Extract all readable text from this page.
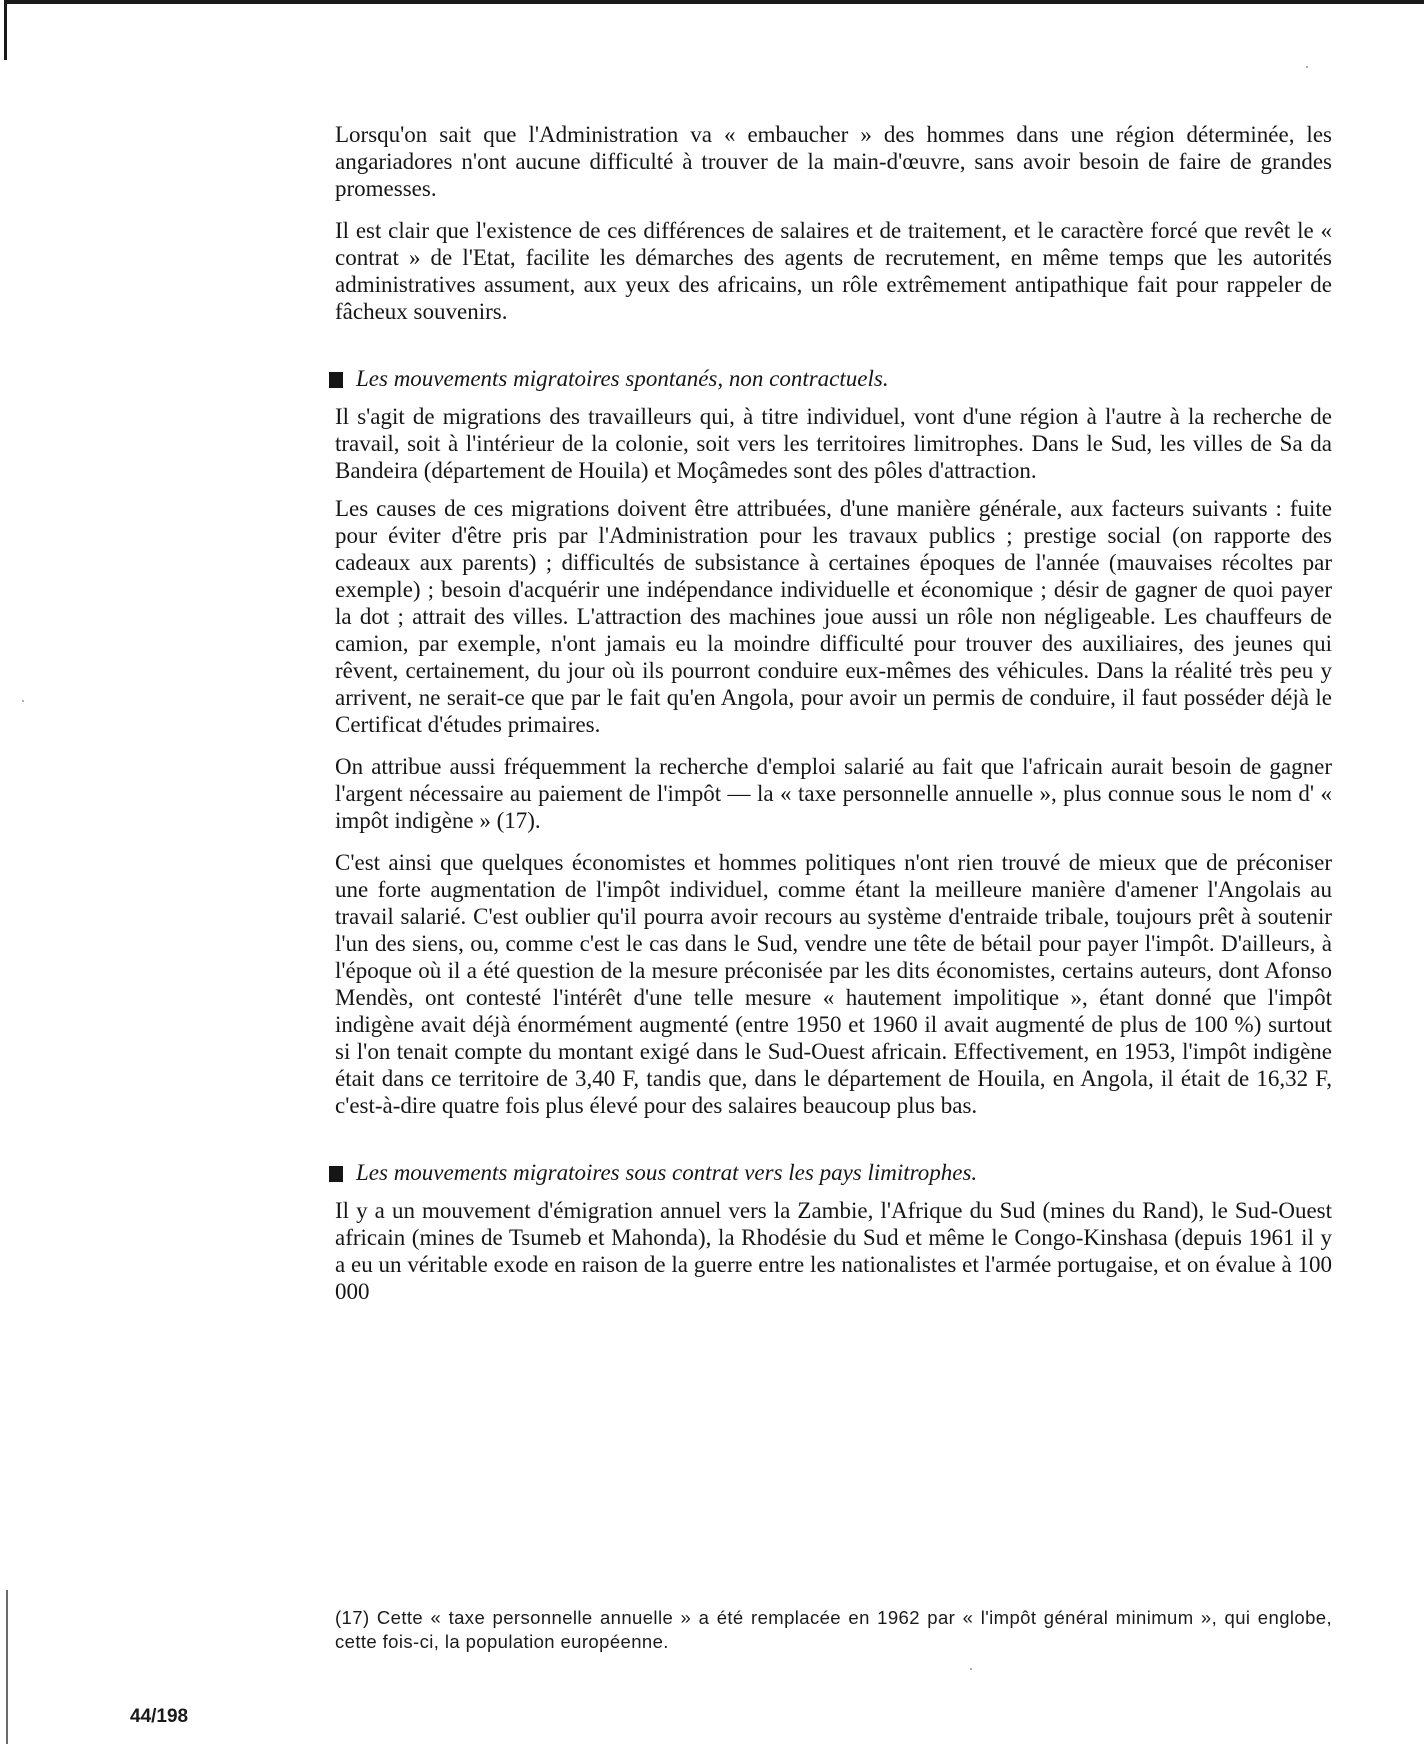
Lorsqu'on sait que l'Administration va « embaucher » des hommes dans une région déterminée, les angariadores n'ont aucune difficulté à trouver de la main-d'œuvre, sans avoir besoin de faire de grandes promesses.

Il est clair que l'existence de ces différences de salaires et de traitement, et le caractère forcé que revêt le « contrat » de l'Etat, facilite les démarches des agents de recrutement, en même temps que les autorités administratives assument, aux yeux des africains, un rôle extrêmement antipathique fait pour rappeler de fâcheux souvenirs.

Les mouvements migratoires spontanés, non contractuels.

Il s'agit de migrations des travailleurs qui, à titre individuel, vont d'une région à l'autre à la recherche de travail, soit à l'intérieur de la colonie, soit vers les territoires limitrophes. Dans le Sud, les villes de Sa da Bandeira (département de Houila) et Moçâmedes sont des pôles d'attraction.

Les causes de ces migrations doivent être attribuées, d'une manière générale, aux facteurs suivants : fuite pour éviter d'être pris par l'Administration pour les travaux publics ; prestige social (on rapporte des cadeaux aux parents) ; difficultés de subsistance à certaines époques de l'année (mauvaises récoltes par exemple) ; besoin d'acquérir une indépendance individuelle et économique ; désir de gagner de quoi payer la dot ; attrait des villes. L'attraction des machines joue aussi un rôle non négligeable. Les chauffeurs de camion, par exemple, n'ont jamais eu la moindre difficulté pour trouver des auxiliaires, des jeunes qui rêvent, certainement, du jour où ils pourront conduire eux-mêmes des véhicules. Dans la réalité très peu y arrivent, ne serait-ce que par le fait qu'en Angola, pour avoir un permis de conduire, il faut posséder déjà le Certificat d'études primaires.

On attribue aussi fréquemment la recherche d'emploi salarié au fait que l'africain aurait besoin de gagner l'argent nécessaire au paiement de l'impôt — la « taxe personnelle annuelle », plus connue sous le nom d' « impôt indigène » (17).

C'est ainsi que quelques économistes et hommes politiques n'ont rien trouvé de mieux que de préconiser une forte augmentation de l'impôt individuel, comme étant la meilleure manière d'amener l'Angolais au travail salarié. C'est oublier qu'il pourra avoir recours au système d'entraide tribale, toujours prêt à soutenir l'un des siens, ou, comme c'est le cas dans le Sud, vendre une tête de bétail pour payer l'impôt. D'ailleurs, à l'époque où il a été question de la mesure préconisée par les dits économistes, certains auteurs, dont Afonso Mendès, ont contesté l'intérêt d'une telle mesure « hautement impolitique », étant donné que l'impôt indigène avait déjà énormément augmenté (entre 1950 et 1960 il avait augmenté de plus de 100 %) surtout si l'on tenait compte du montant exigé dans le Sud-Ouest africain. Effectivement, en 1953, l'impôt indigène était dans ce territoire de 3,40 F, tandis que, dans le département de Houila, en Angola, il était de 16,32 F, c'est-à-dire quatre fois plus élevé pour des salaires beaucoup plus bas.

Les mouvements migratoires sous contrat vers les pays limitrophes.

Il y a un mouvement d'émigration annuel vers la Zambie, l'Afrique du Sud (mines du Rand), le Sud-Ouest africain (mines de Tsumeb et Mahonda), la Rhodésie du Sud et même le Congo-Kinshasa (depuis 1961 il y a eu un véritable exode en raison de la guerre entre les nationalistes et l'armée portugaise, et on évalue à 100 000

(17) Cette « taxe personnelle annuelle » a été remplacée en 1962 par « l'impôt général minimum », qui englobe, cette fois-ci, la population européenne.
44/198
